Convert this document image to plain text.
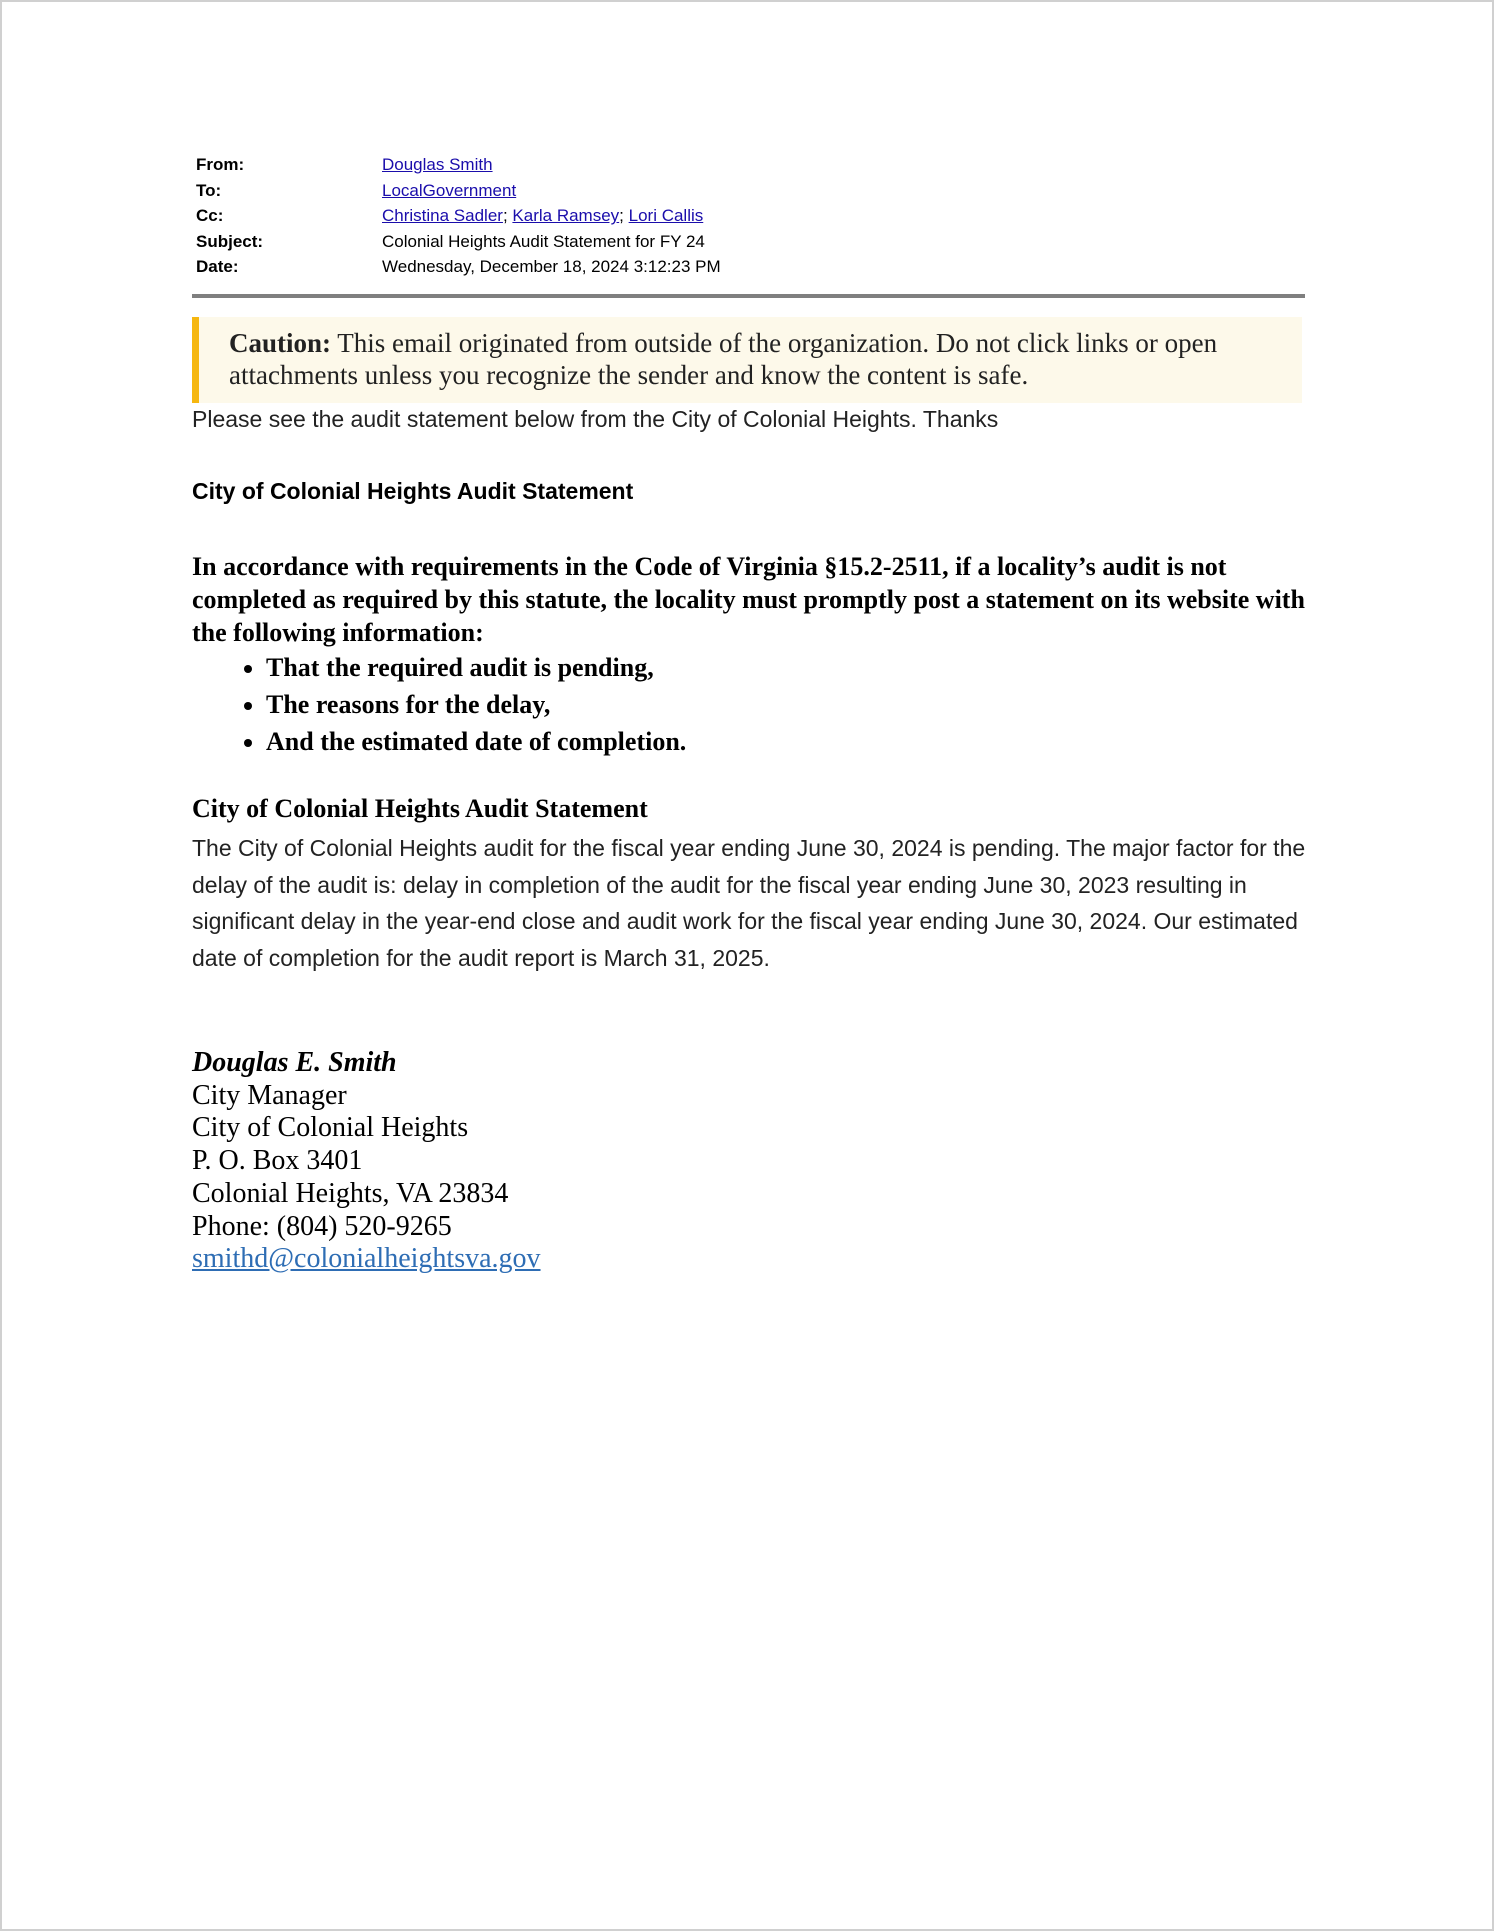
From:	Douglas Smith
To:	LocalGovernment
Cc:	Christina Sadler; Karla Ramsey; Lori Callis
Subject:	Colonial Heights Audit Statement for FY 24
Date:	Wednesday, December 18, 2024 3:12:23 PM
Caution: This email originated from outside of the organization. Do not click links or open attachments unless you recognize the sender and know the content is safe.
Please see the audit statement below from the City of Colonial Heights. Thanks
City of Colonial Heights Audit Statement
In accordance with requirements in the Code of Virginia §15.2-2511, if a locality’s audit is not completed as required by this statute, the locality must promptly post a statement on its website with the following information:
• That the required audit is pending,
• The reasons for the delay,
• And the estimated date of completion.
City of Colonial Heights Audit Statement
The City of Colonial Heights audit for the fiscal year ending June 30, 2024 is pending. The major factor for the delay of the audit is: delay in completion of the audit for the fiscal year ending June 30, 2023 resulting in significant delay in the year-end close and audit work for the fiscal year ending June 30, 2024. Our estimated date of completion for the audit report is March 31, 2025.
Douglas E. Smith
City Manager
City of Colonial Heights
P. O. Box 3401
Colonial Heights, VA 23834
Phone: (804) 520-9265
smithd@colonialheightsva.gov
